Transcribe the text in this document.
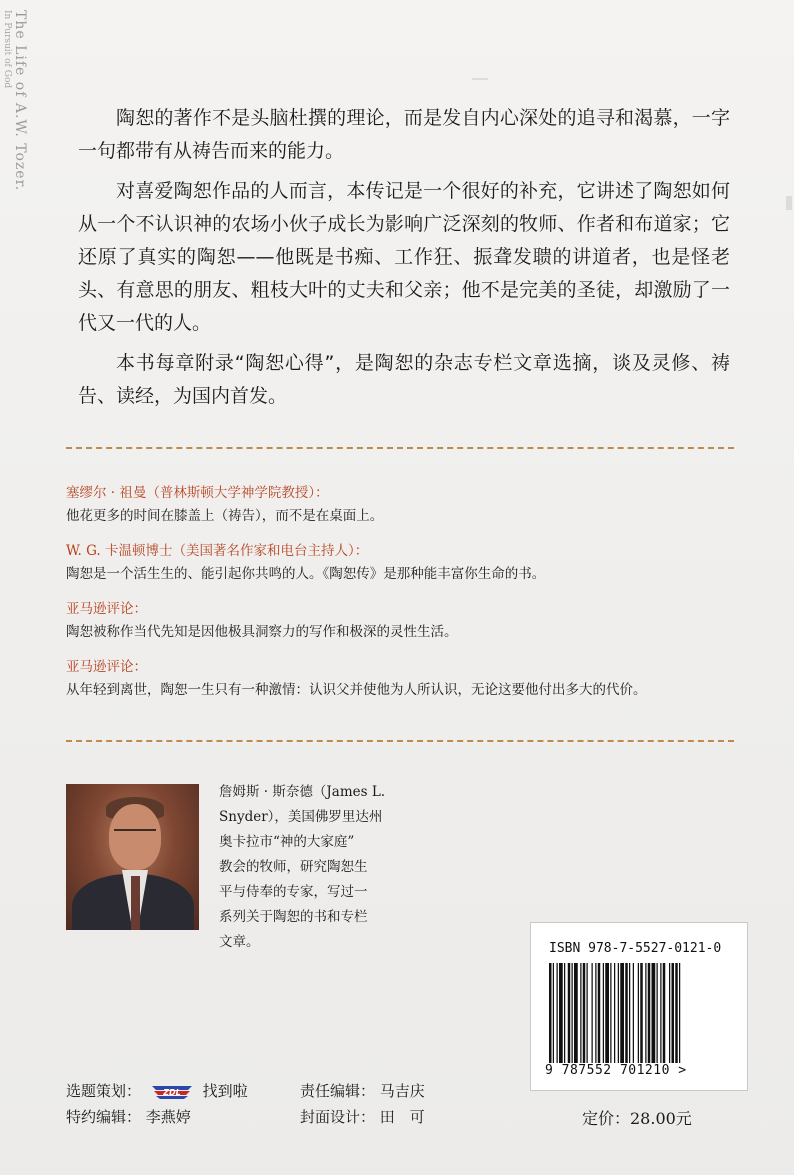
The Life of A.W. Tozer.
In Pursuit of God

陶恕的著作不是头脑杜撰的理论，而是发自内心深处的追寻和渴慕，一字一句都带有从祷告而来的能力。

对喜爱陶恕作品的人而言，本传记是一个很好的补充，它讲述了陶恕如何从一个不认识神的农场小伙子成长为影响广泛深刻的牧师、作者和布道家；它还原了真实的陶恕——他既是书痴、工作狂、振聋发聩的讲道者，也是怪老头、有意思的朋友、粗枝大叶的丈夫和父亲；他不是完美的圣徒，却激励了一代又一代的人。

本书每章附录“陶恕心得”，是陶恕的杂志专栏文章选摘，谈及灵修、祷告、读经，为国内首发。

塞缪尔 · 祖曼（普林斯顿大学神学院教授）：
他花更多的时间在膝盖上（祷告），而不是在桌面上。
W. G. 卡温顿博士（美国著名作家和电台主持人）：
陶恕是一个活生生的、能引起你共鸣的人。《陶恕传》是那种能丰富你生命的书。
亚马逊评论：
陶恕被称作当代先知是因他极具洞察力的写作和极深的灵性生活。
亚马逊评论：
从年轻到离世，陶恕一生只有一种激情：认识父并使他为人所认识，无论这要他付出多大的代价。
詹姆斯 · 斯奈德（James L.
Snyder），美国佛罗里达州
奥卡拉市“神的大家庭”
教会的牧师，研究陶恕生
平与侍奉的专家，写过一
系列关于陶恕的书和专栏
文章。	ISBN 978-7-5527-0121-0
9 787552 701210 >
选题策划：	ZDL 找到啦	责任编辑： 马吉庆
特约编辑： 李燕婷	封面设计： 田　可	定价：28.00元
